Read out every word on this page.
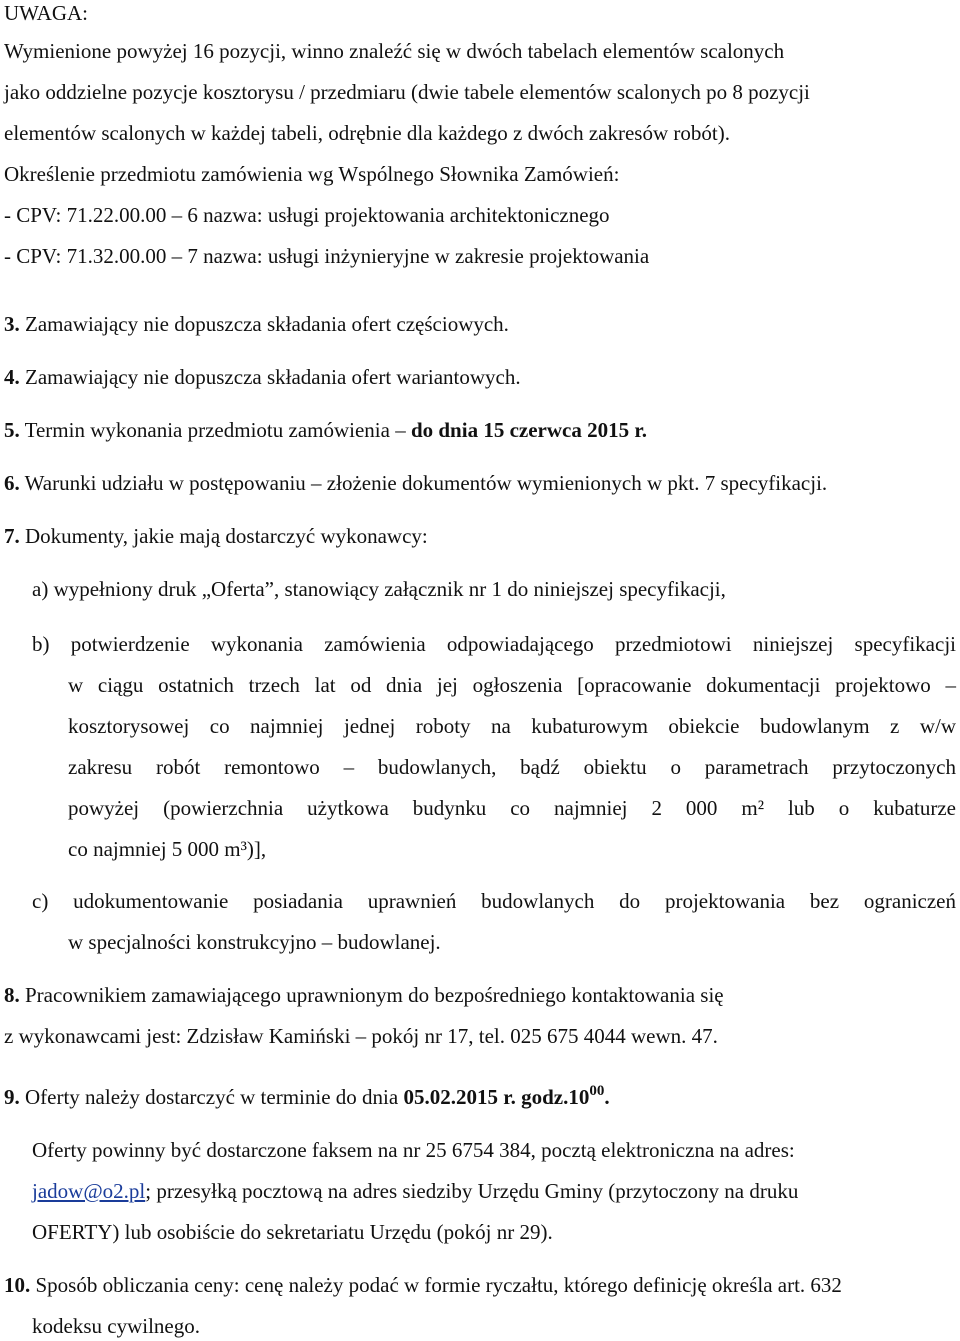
UWAGA:
Wymienione powyżej 16 pozycji, winno znaleźć się w dwóch tabelach elementów scalonych
jako oddzielne pozycje kosztorysu / przedmiaru (dwie tabele elementów scalonych po 8 pozycji
elementów scalonych w każdej tabeli, odrębnie dla każdego z dwóch zakresów robót).
Określenie przedmiotu zamówienia wg Wspólnego Słownika Zamówień:
- CPV: 71.22.00.00 – 6 nazwa: usługi projektowania architektonicznego
- CPV: 71.32.00.00 – 7 nazwa: usługi inżynieryjne w zakresie projektowania
3. Zamawiający nie dopuszcza składania ofert częściowych.
4. Zamawiający nie dopuszcza składania ofert wariantowych.
5. Termin wykonania przedmiotu zamówienia – do dnia 15 czerwca 2015 r.
6. Warunki udziału w postępowaniu – złożenie dokumentów wymienionych w pkt. 7 specyfikacji.
7. Dokumenty, jakie mają dostarczyć wykonawcy:
a) wypełniony druk „Oferta”, stanowiący załącznik nr 1 do niniejszej specyfikacji,
b) potwierdzenie wykonania zamówienia odpowiadającego przedmiotowi niniejszej specyfikacji
w ciągu ostatnich trzech lat od dnia jej ogłoszenia [opracowanie dokumentacji projektowo –
kosztorysowej co najmniej jednej roboty na kubaturowym obiekcie budowlanym z w/w
zakresu robót remontowo – budowlanych, bądź obiektu o parametrach przytoczonych
powyżej (powierzchnia użytkowa budynku co najmniej 2 000 m² lub o kubaturze
co najmniej 5 000 m³)],
c) udokumentowanie posiadania uprawnień budowlanych do projektowania bez ograniczeń
w specjalności konstrukcyjno – budowlanej.
8. Pracownikiem zamawiającego uprawnionym do bezpośredniego kontaktowania się
z wykonawcami jest: Zdzisław Kamiński – pokój nr 17, tel. 025 675 4044 wewn. 47.
9. Oferty należy dostarczyć w terminie do dnia 05.02.2015 r. $godz.10^{00}$.
Oferty powinny być dostarczone faksem na nr 25 6754 384, pocztą elektroniczna na adres:
jadow@o2.pl; przesyłką pocztową na adres siedziby Urzędu Gminy (przytoczony na druku
OFERTY) lub osobiście do sekretariatu Urzędu (pokój nr 29).
10. Sposób obliczania ceny: cenę należy podać w formie ryczałtu, którego definicję określa art. 632
kodeksu cywilnego.
